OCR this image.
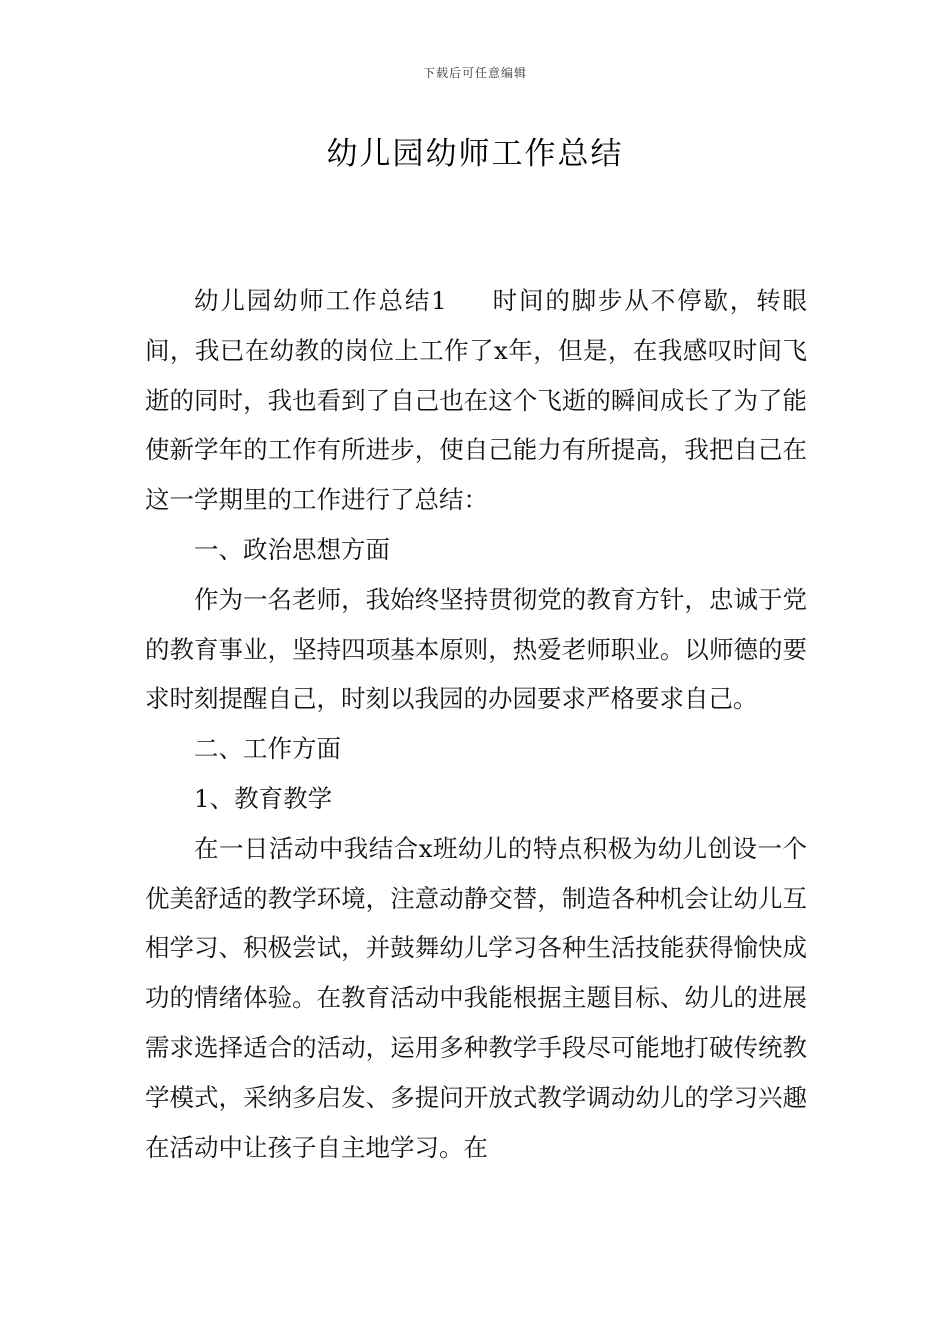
下载后可任意编辑
幼儿园幼师工作总结

幼儿园幼师工作总结1 时间的脚步从不停歇，转眼间，我已在幼教的岗位上工作了x年，但是，在我感叹时间飞逝的同时，我也看到了自己也在这个飞逝的瞬间成长了为了能使新学年的工作有所进步，使自己能力有所提高，我把自己在这一学期里的工作进行了总结：

一、政治思想方面

作为一名老师，我始终坚持贯彻党的教育方针，忠诚于党的教育事业，坚持四项基本原则，热爱老师职业。以师德的要求时刻提醒自己，时刻以我园的办园要求严格要求自己。

二、工作方面

1、教育教学

在一日活动中我结合x班幼儿的特点积极为幼儿创设一个优美舒适的教学环境，注意动静交替，制造各种机会让幼儿互相学习、积极尝试，并鼓舞幼儿学习各种生活技能获得愉快成功的情绪体验。在教育活动中我能根据主题目标、幼儿的进展需求选择适合的活动，运用多种教学手段尽可能地打破传统教学模式，采纳多启发、多提问开放式教学调动幼儿的学习兴趣在活动中让孩子自主地学习。在
